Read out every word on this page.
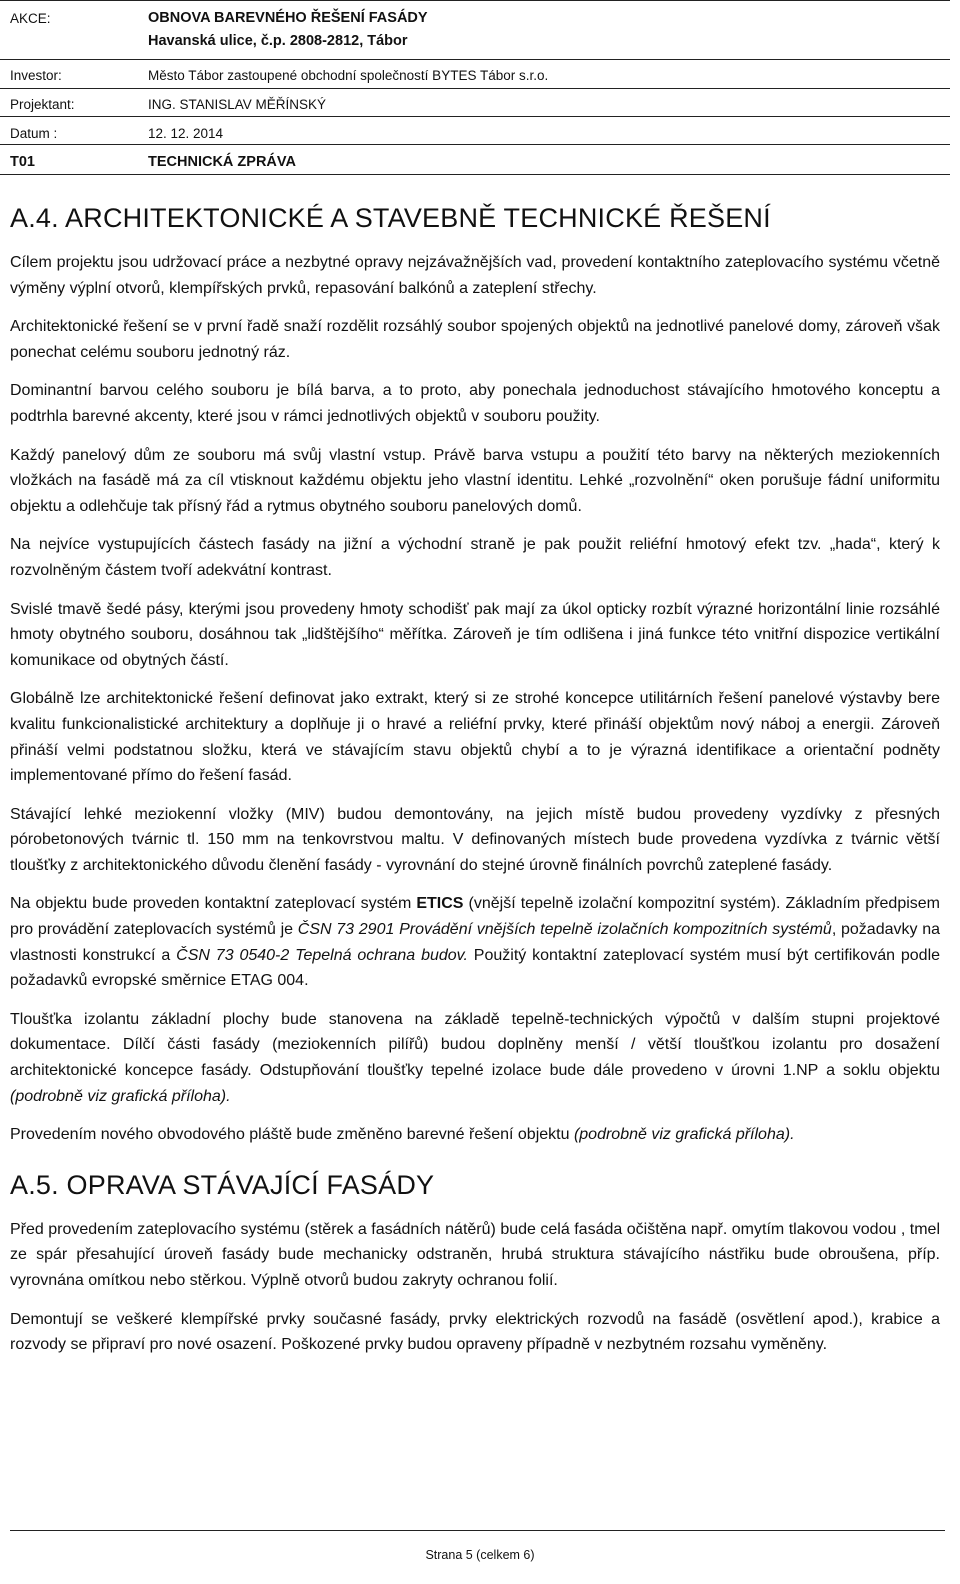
AKCE:	OBNOVA BAREVNÉHO ŘEŠENÍ FASÁDY
Havanská ulice, č.p. 2808-2812, Tábor
Investor:	Město Tábor zastoupené obchodní společností BYTES Tábor s.r.o.
Projektant:	ING. STANISLAV MĚŘÍNSKÝ
Datum :	12. 12. 2014
T01	TECHNICKÁ ZPRÁVA
A.4. ARCHITEKTONICKÉ A STAVEBNĚ TECHNICKÉ ŘEŠENÍ

Cílem projektu jsou udržovací práce a nezbytné opravy nejzávažnějších vad, provedení kontaktního zateplovacího systému včetně výměny výplní otvorů, klempířských prvků, repasování balkónů a zateplení střechy.

Architektonické řešení se v první řadě snaží rozdělit rozsáhlý soubor spojených objektů na jednotlivé panelové domy, zároveň však ponechat celému souboru jednotný ráz.

Dominantní barvou celého souboru je bílá barva, a to proto, aby ponechala jednoduchost stávajícího hmotového konceptu a podtrhla barevné akcenty, které jsou v rámci jednotlivých objektů v souboru použity.

Každý panelový dům ze souboru má svůj vlastní vstup. Právě barva vstupu a použití této barvy na některých meziokenních vložkách na fasádě má za cíl vtisknout každému objektu jeho vlastní identitu. Lehké „rozvolnění“ oken porušuje fádní uniformitu objektu a odlehčuje tak přísný řád a rytmus obytného souboru panelových domů.

Na nejvíce vystupujících částech fasády na jižní a východní straně je pak použit reliéfní hmotový efekt tzv. „hada“, který k rozvolněným částem tvoří adekvátní kontrast.

Svislé tmavě šedé pásy, kterými jsou provedeny hmoty schodišť pak mají za úkol opticky rozbít výrazné horizontální linie rozsáhlé hmoty obytného souboru, dosáhnou tak „lidštějšího“ měřítka. Zároveň je tím odlišena i jiná funkce této vnitřní dispozice vertikální komunikace od obytných částí.

Globálně lze architektonické řešení definovat jako extrakt, který si ze strohé koncepce utilitárních řešení panelové výstavby bere kvalitu funkcionalistické architektury a doplňuje ji o hravé a reliéfní prvky, které přináší objektům nový náboj a energii. Zároveň přináší velmi podstatnou složku, která ve stávajícím stavu objektů chybí a to je výrazná identifikace a orientační podněty implementované přímo do řešení fasád.

Stávající lehké meziokenní vložky (MIV) budou demontovány, na jejich místě budou provedeny vyzdívky z přesných pórobetonových tvárnic tl. 150 mm na tenkovrstvou maltu. V definovaných místech bude provedena vyzdívka z tvárnic větší tloušťky z architektonického důvodu členění fasády - vyrovnání do stejné úrovně finálních povrchů zateplené fasády.

Na objektu bude proveden kontaktní zateplovací systém ETICS (vnější tepelně izolační kompozitní systém). Základním předpisem pro provádění zateplovacích systémů je ČSN 73 2901 Provádění vnějších tepelně izolačních kompozitních systémů, požadavky na vlastnosti konstrukcí a ČSN 73 0540-2 Tepelná ochrana budov. Použitý kontaktní zateplovací systém musí být certifikován podle požadavků evropské směrnice ETAG 004.

Tloušťka izolantu základní plochy bude stanovena na základě tepelně-technických výpočtů v dalším stupni projektové dokumentace. Dílčí části fasády (meziokenních pilířů) budou doplněny menší / větší tloušťkou izolantu pro dosažení architektonické koncepce fasády. Odstupňování tloušťky tepelné izolace bude dále provedeno v úrovni 1.NP a soklu objektu (podrobně viz grafická příloha).

Provedením nového obvodového pláště bude změněno barevné řešení objektu (podrobně viz grafická příloha).

A.5. OPRAVA STÁVAJÍCÍ FASÁDY

Před provedením zateplovacího systému (stěrek a fasádních nátěrů) bude celá fasáda očištěna např. omytím tlakovou vodou , tmel ze spár přesahující úroveň fasády bude mechanicky odstraněn, hrubá struktura stávajícího nástřiku bude obroušena, příp. vyrovnána omítkou nebo stěrkou. Výplně otvorů budou zakryty ochranou folií.

Demontují se veškeré klempířské prvky současné fasády, prvky elektrických rozvodů na fasádě (osvětlení apod.), krabice a rozvody se připraví pro nové osazení. Poškozené prvky budou opraveny případně v nezbytném rozsahu vyměněny.

Strana 5 (celkem 6)
